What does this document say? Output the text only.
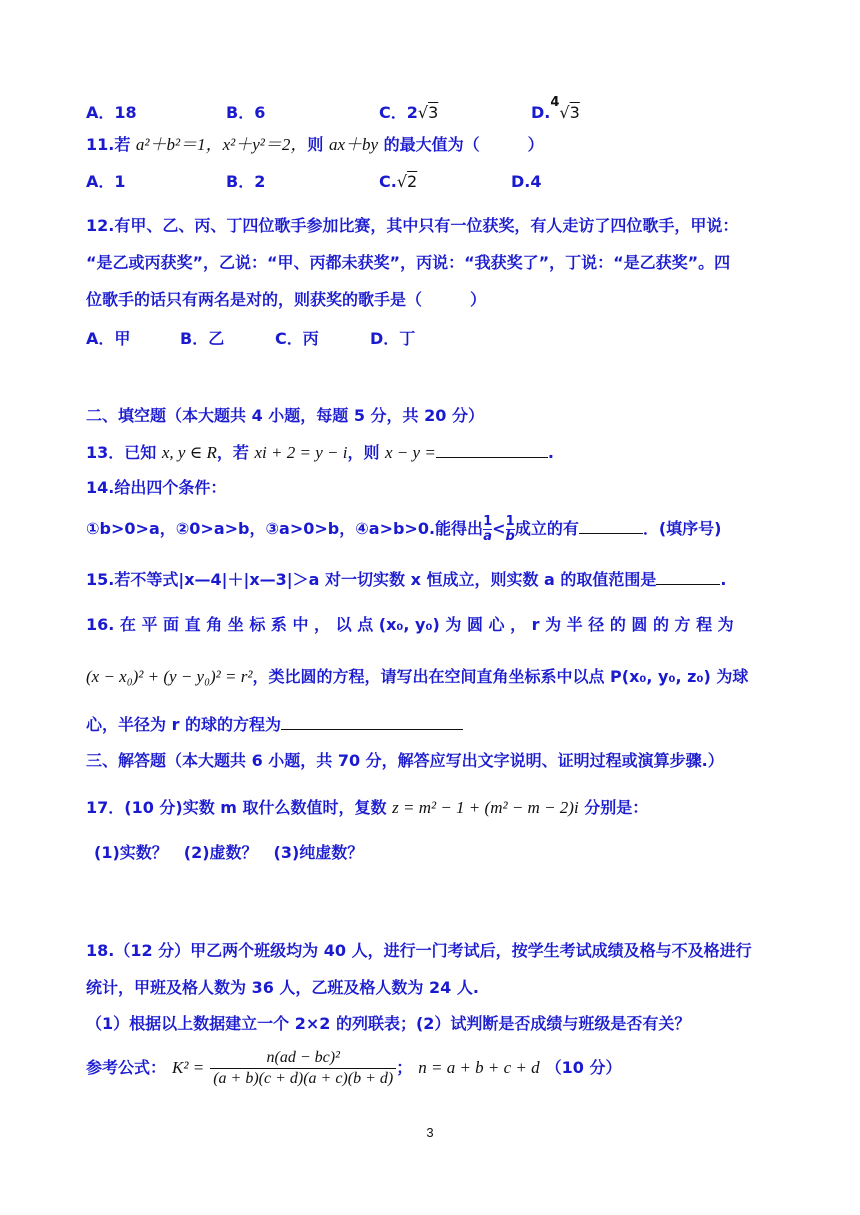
A．18	B．6	C．2√3	D.$^4$√3
11.若 a²＋b²＝1，x²＋y²＝2，则 ax＋by 的最大值为（　　　）
A．1	B．2	C.√2	D.4
12.有甲、乙、丙、丁四位歌手参加比赛，其中只有一位获奖，有人走访了四位歌手，甲说：
“是乙或丙获奖”，乙说：“甲、丙都未获奖”，丙说：“我获奖了”，丁说：“是乙获奖”。四
位歌手的话只有两名是对的，则获奖的歌手是（　　　）
A．甲	B．乙	C．丙	D．丁
二、填空题（本大题共 4 小题，每题 5 分，共 20 分）
13．已知 x, y ∈ R，若 xi + 2 = y − i，则 x − y =	.
14.给出四个条件：
①b>0>a，②0>a>b，③a>0>b，④a>b>0.能得出 $\frac{1}{a} < \frac{1}{b}$ 成立的有	．(填序号)
15.若不等式|x—4|＋|x—3|＞a 对一切实数 x 恒成立，则实数 a 的取值范围是	.
16. 在 平 面 直 角 坐 标 系 中 ， 以 点 (x₀, y₀) 为 圆 心 ， r 为 半 径 的 圆 的 方 程 为
(x − x₀)² + (y − y₀)² = r²，类比圆的方程，请写出在空间直角坐标系中以点 P(x₀, y₀, z₀) 为球
心，半径为 r 的球的方程为
三、解答题（本大题共 6 小题，共 70 分，解答应写出文字说明、证明过程或演算步骤.）
17．(10 分)实数 m 取什么数值时，复数 z = m² − 1 + (m² − m − 2)i 分别是：
(1)实数？　(2)虚数？　(3)纯虚数？
18.（12 分）甲乙两个班级均为 40 人，进行一门考试后，按学生考试成绩及格与不及格进行
统计，甲班及格人数为 36 人，乙班及格人数为 24 人.
（1）根据以上数据建立一个 2×2 的列联表；(2）试判断是否成绩与班级是否有关？
参考公式： $K^2 = \frac{\text{n(ad − bc)²}}{(a + b)(c + d)(a + c)(b + d)}$ ； n = a + b + c + d （10 分）
3
